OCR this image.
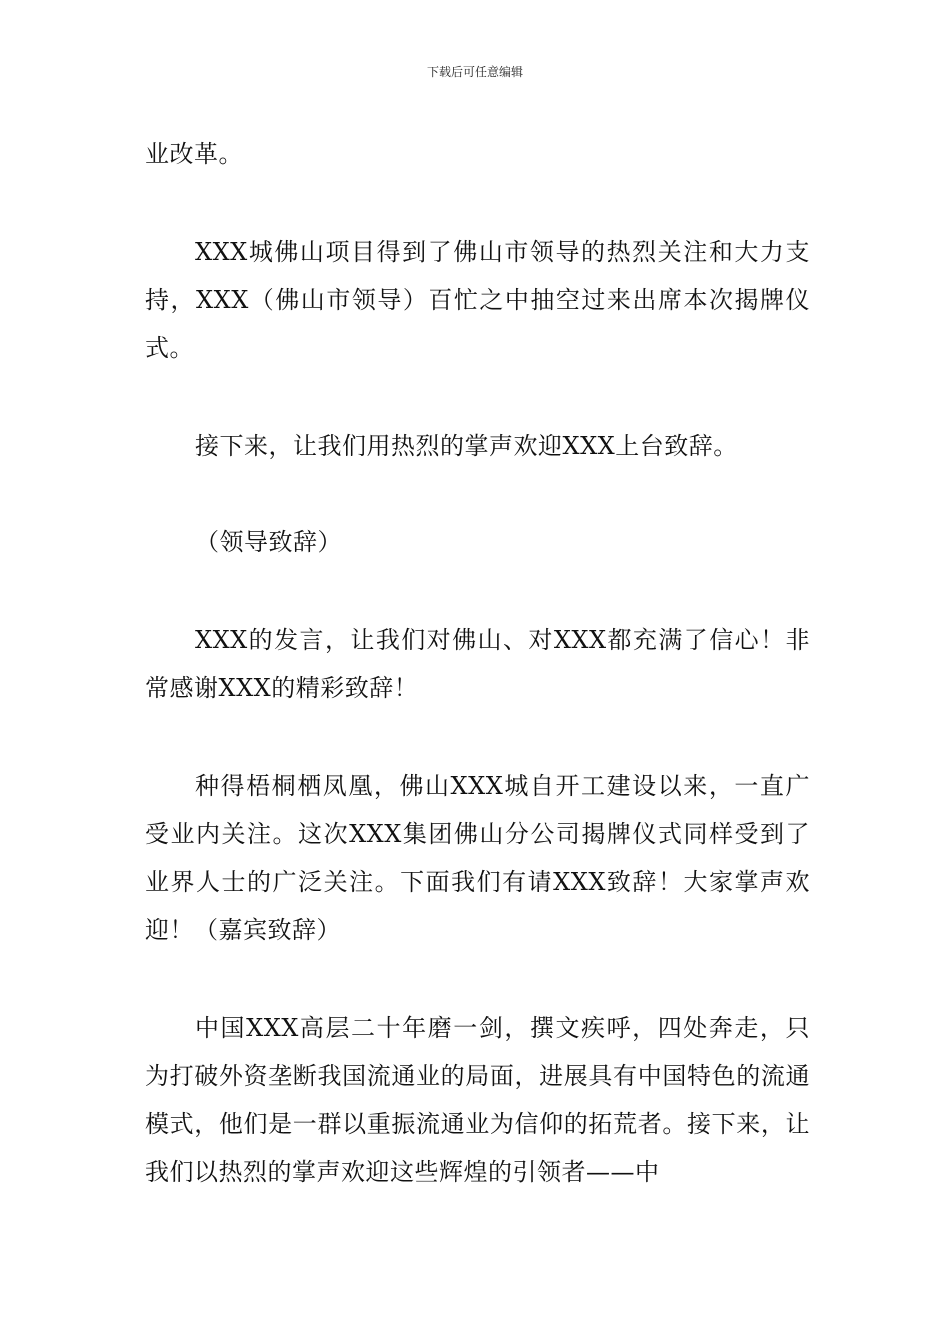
下载后可任意编辑

业改革。

XXX城佛山项目得到了佛山市领导的热烈关注和大力支持，XXX（佛山市领导）百忙之中抽空过来出席本次揭牌仪式。

接下来，让我们用热烈的掌声欢迎XXX上台致辞。

（领导致辞）

XXX的发言，让我们对佛山、对XXX都充满了信心！非常感谢XXX的精彩致辞！

种得梧桐栖凤凰，佛山XXX城自开工建设以来，一直广受业内关注。这次XXX集团佛山分公司揭牌仪式同样受到了业界人士的广泛关注。下面我们有请XXX致辞！大家掌声欢迎！（嘉宾致辞）

中国XXX高层二十年磨一剑，撰文疾呼，四处奔走，只为打破外资垄断我国流通业的局面，进展具有中国特色的流通模式，他们是一群以重振流通业为信仰的拓荒者。接下来，让我们以热烈的掌声欢迎这些辉煌的引领者——中
